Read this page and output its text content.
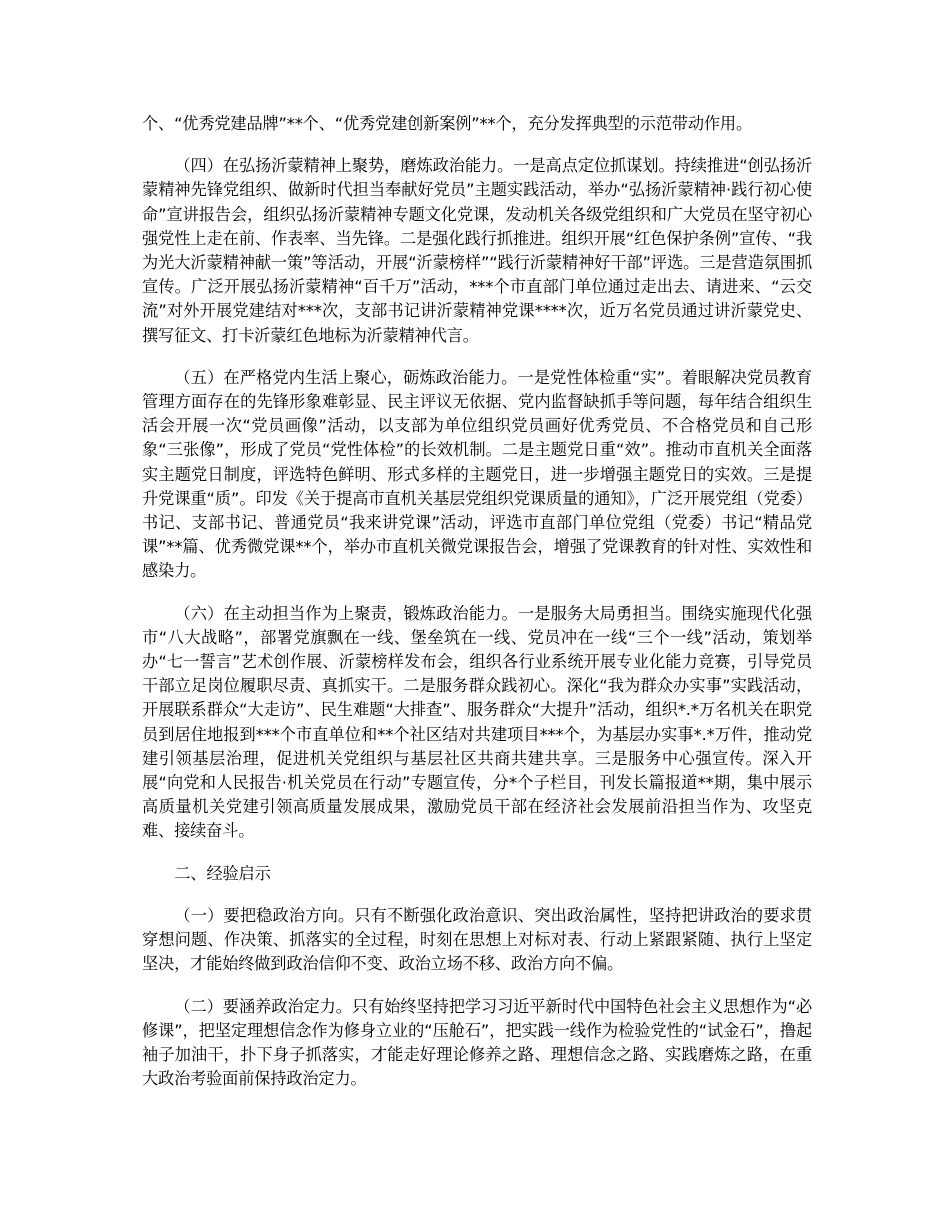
个、“优秀党建品牌”**个、“优秀党建创新案例”**个，充分发挥典型的示范带动作用。

（四）在弘扬沂蒙精神上聚势，磨炼政治能力。一是高点定位抓谋划。持续推进“创弘扬沂蒙精神先锋党组织、做新时代担当奉献好党员”主题实践活动，举办“弘扬沂蒙精神·践行初心使命”宣讲报告会，组织弘扬沂蒙精神专题文化党课，发动机关各级党组织和广大党员在坚守初心强党性上走在前、作表率、当先锋。二是强化践行抓推进。组织开展“红色保护条例”宣传、“我为光大沂蒙精神献一策”等活动，开展“沂蒙榜样”“践行沂蒙精神好干部”评选。三是营造氛围抓宣传。广泛开展弘扬沂蒙精神“百千万”活动，***个市直部门单位通过走出去、请进来、“云交流”对外开展党建结对***次，支部书记讲沂蒙精神党课****次，近万名党员通过讲沂蒙党史、撰写征文、打卡沂蒙红色地标为沂蒙精神代言。

（五）在严格党内生活上聚心，砺炼政治能力。一是党性体检重“实”。着眼解决党员教育管理方面存在的先锋形象难彰显、民主评议无依据、党内监督缺抓手等问题，每年结合组织生活会开展一次“党员画像”活动，以支部为单位组织党员画好优秀党员、不合格党员和自己形象“三张像”，形成了党员“党性体检”的长效机制。二是主题党日重“效”。推动市直机关全面落实主题党日制度，评选特色鲜明、形式多样的主题党日，进一步增强主题党日的实效。三是提升党课重“质”。印发《关于提高市直机关基层党组织党课质量的通知》，广泛开展党组（党委）书记、支部书记、普通党员“我来讲党课”活动，评选市直部门单位党组（党委）书记“精品党课”**篇、优秀微党课**个，举办市直机关微党课报告会，增强了党课教育的针对性、实效性和感染力。

（六）在主动担当作为上聚责，锻炼政治能力。一是服务大局勇担当。围绕实施现代化强市“八大战略”，部署党旗飘在一线、堡垒筑在一线、党员冲在一线“三个一线”活动，策划举办“七一誓言”艺术创作展、沂蒙榜样发布会，组织各行业系统开展专业化能力竞赛，引导党员干部立足岗位履职尽责、真抓实干。二是服务群众践初心。深化“我为群众办实事”实践活动，开展联系群众“大走访”、民生难题“大排查”、服务群众“大提升”活动，组织*.*万名机关在职党员到居住地报到***个市直单位和**个社区结对共建项目***个，为基层办实事*.*万件，推动党建引领基层治理，促进机关党组织与基层社区共商共建共享。三是服务中心强宣传。深入开展“向党和人民报告·机关党员在行动”专题宣传，分*个子栏目，刊发长篇报道**期，集中展示高质量机关党建引领高质量发展成果，激励党员干部在经济社会发展前沿担当作为、攻坚克难、接续奋斗。

二、经验启示

（一）要把稳政治方向。只有不断强化政治意识、突出政治属性，坚持把讲政治的要求贯穿想问题、作决策、抓落实的全过程，时刻在思想上对标对表、行动上紧跟紧随、执行上坚定坚决，才能始终做到政治信仰不变、政治立场不移、政治方向不偏。

（二）要涵养政治定力。只有始终坚持把学习习近平新时代中国特色社会主义思想作为“必修课”，把坚定理想信念作为修身立业的“压舱石”，把实践一线作为检验党性的“试金石”，撸起袖子加油干，扑下身子抓落实，才能走好理论修养之路、理想信念之路、实践磨炼之路，在重大政治考验面前保持政治定力。
